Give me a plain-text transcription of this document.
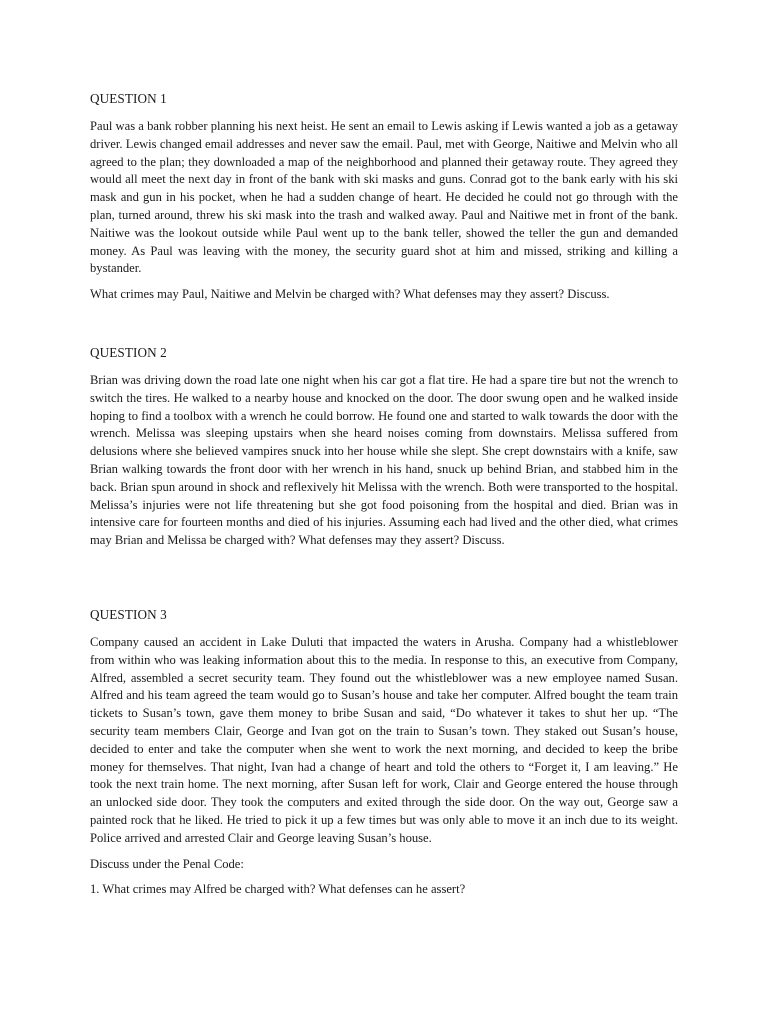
QUESTION 1

Paul was a bank robber planning his next heist. He sent an email to Lewis asking if Lewis wanted a job as a getaway driver. Lewis changed email addresses and never saw the email. Paul, met with George, Naitiwe and Melvin who all agreed to the plan; they downloaded a map of the neighborhood and planned their getaway route. They agreed they would all meet the next day in front of the bank with ski masks and guns. Conrad got to the bank early with his ski mask and gun in his pocket, when he had a sudden change of heart. He decided he could not go through with the plan, turned around, threw his ski mask into the trash and walked away. Paul and Naitiwe met in front of the bank. Naitiwe was the lookout outside while Paul went up to the bank teller, showed the teller the gun and demanded money. As Paul was leaving with the money, the security guard shot at him and missed, striking and killing a bystander.

What crimes may Paul, Naitiwe and Melvin be charged with? What defenses may they assert? Discuss.

QUESTION 2

Brian was driving down the road late one night when his car got a flat tire. He had a spare tire but not the wrench to switch the tires. He walked to a nearby house and knocked on the door. The door swung open and he walked inside hoping to find a toolbox with a wrench he could borrow. He found one and started to walk towards the door with the wrench. Melissa was sleeping upstairs when she heard noises coming from downstairs. Melissa suffered from delusions where she believed vampires snuck into her house while she slept. She crept downstairs with a knife, saw Brian walking towards the front door with her wrench in his hand, snuck up behind Brian, and stabbed him in the back. Brian spun around in shock and reflexively hit Melissa with the wrench. Both were transported to the hospital. Melissa’s injuries were not life threatening but she got food poisoning from the hospital and died. Brian was in intensive care for fourteen months and died of his injuries. Assuming each had lived and the other died, what crimes may Brian and Melissa be charged with? What defenses may they assert? Discuss.

QUESTION 3

Company caused an accident in Lake Duluti that impacted the waters in Arusha. Company had a whistleblower from within who was leaking information about this to the media. In response to this, an executive from Company, Alfred, assembled a secret security team. They found out the whistleblower was a new employee named Susan. Alfred and his team agreed the team would go to Susan’s house and take her computer. Alfred bought the team train tickets to Susan’s town, gave them money to bribe Susan and said, “Do whatever it takes to shut her up. “The security team members Clair, George and Ivan got on the train to Susan’s town. They staked out Susan’s house, decided to enter and take the computer when she went to work the next morning, and decided to keep the bribe money for themselves. That night, Ivan had a change of heart and told the others to “Forget it, I am leaving.” He took the next train home. The next morning, after Susan left for work, Clair and George entered the house through an unlocked side door. They took the computers and exited through the side door. On the way out, George saw a painted rock that he liked. He tried to pick it up a few times but was only able to move it an inch due to its weight. Police arrived and arrested Clair and George leaving Susan’s house.

Discuss under the Penal Code:

1. What crimes may Alfred be charged with? What defenses can he assert?
